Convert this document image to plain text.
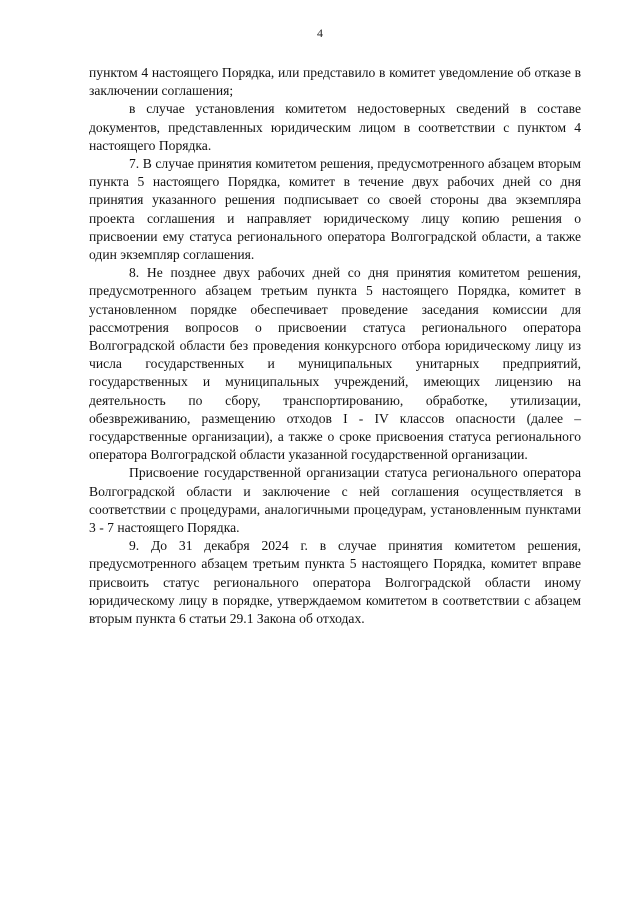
4

пунктом 4 настоящего Порядка, или представило в комитет уведомление об отказе в заключении соглашения;

в случае установления комитетом недостоверных сведений в составе документов, представленных юридическим лицом в соответствии с пунктом 4 настоящего Порядка.

7. В случае принятия комитетом решения, предусмотренного абзацем вторым пункта 5 настоящего Порядка, комитет в течение двух рабочих дней со дня принятия указанного решения подписывает со своей стороны два экземпляра проекта соглашения и направляет юридическому лицу копию решения о присвоении ему статуса регионального оператора Волгоградской области, а также один экземпляр соглашения.

8. Не позднее двух рабочих дней со дня принятия комитетом решения, предусмотренного абзацем третьим пункта 5 настоящего Порядка, комитет в установленном порядке обеспечивает проведение заседания комиссии для рассмотрения вопросов о присвоении статуса регионального оператора Волгоградской области без проведения конкурсного отбора юридическому лицу из числа государственных и муниципальных унитарных предприятий, государственных и муниципальных учреждений, имеющих лицензию на деятельность по сбору, транспортированию, обработке, утилизации, обезвреживанию, размещению отходов I - IV классов опасности (далее – государственные организации), а также о сроке присвоения статуса регионального оператора Волгоградской области указанной государственной организации.

Присвоение государственной организации статуса регионального оператора Волгоградской области и заключение с ней соглашения осуществляется в соответствии с процедурами, аналогичными процедурам, установленным пунктами 3 - 7 настоящего Порядка.

9. До 31 декабря 2024 г. в случае принятия комитетом решения, предусмотренного абзацем третьим пункта 5 настоящего Порядка, комитет вправе присвоить статус регионального оператора Волгоградской области иному юридическому лицу в порядке, утверждаемом комитетом в соответствии с абзацем вторым пункта 6 статьи 29.1 Закона об отходах.
